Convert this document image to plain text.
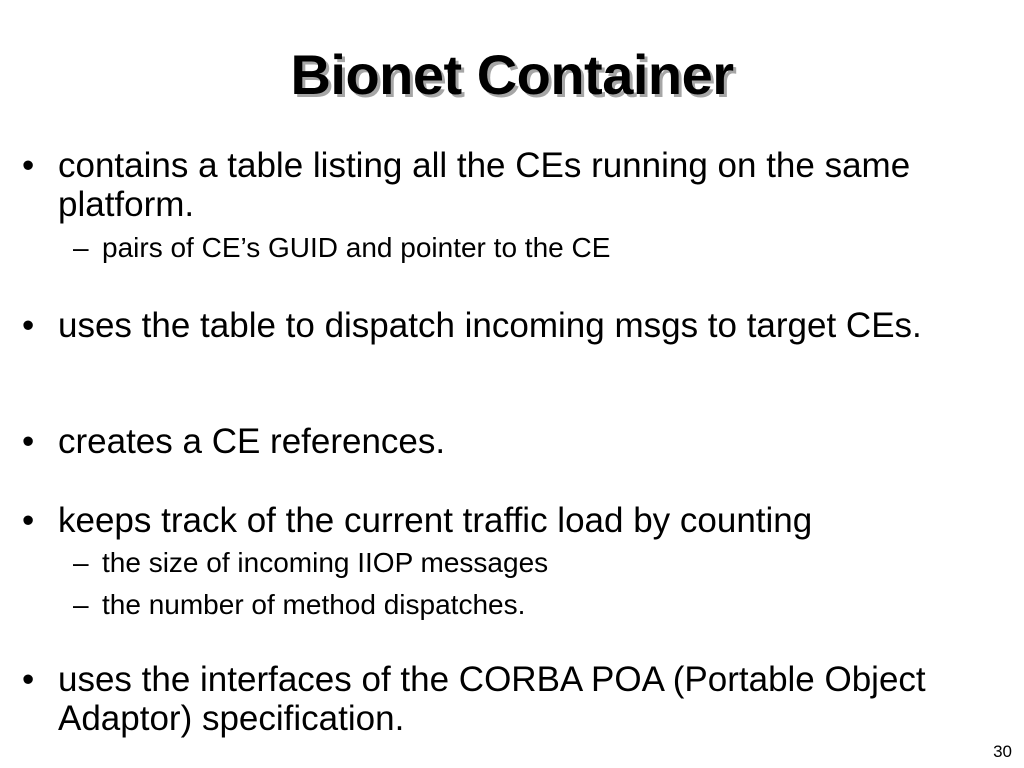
Bionet Container
• contains a table listing all the CEs running on the same platform.
– pairs of CE’s GUID and pointer to the CE
• uses the table to dispatch incoming msgs to target CEs.
• creates a CE references.
• keeps track of the current traffic load by counting
– the size of incoming IIOP messages
– the number of method dispatches.
• uses the interfaces of the CORBA POA (Portable Object Adaptor) specification.
30
